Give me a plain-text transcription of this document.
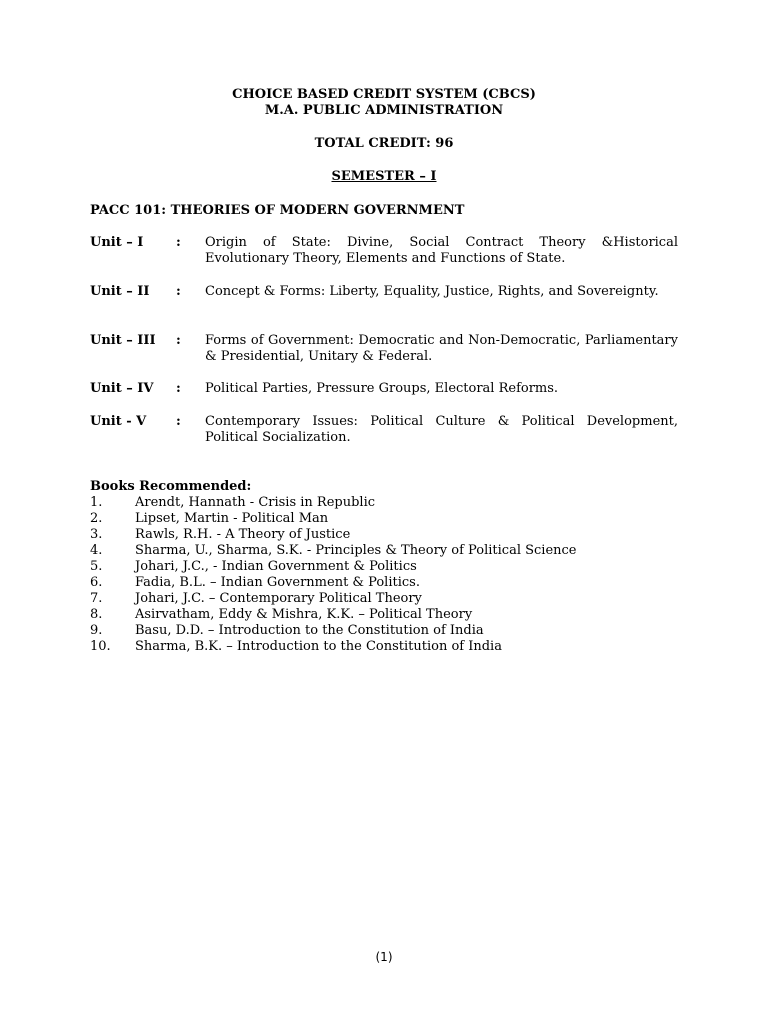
CHOICE BASED CREDIT SYSTEM (CBCS)
M.A. PUBLIC ADMINISTRATION
TOTAL CREDIT: 96
SEMESTER – I
PACC 101: THEORIES OF MODERN GOVERNMENT
Unit – I	: Origin of State: Divine, Social Contract Theory &Historical Evolutionary Theory, Elements and Functions of State.
Unit – II	: Concept & Forms: Liberty, Equality, Justice, Rights, and Sovereignty.
Unit – III	: Forms of Government: Democratic and Non-Democratic, Parliamentary & Presidential, Unitary & Federal.
Unit – IV	: Political Parties, Pressure Groups, Electoral Reforms.
Unit - V	: Contemporary Issues: Political Culture & Political Development, Political Socialization.
Books Recommended:
1.	Arendt, Hannath - Crisis in Republic
2.	Lipset, Martin - Political Man
3.	Rawls, R.H. - A Theory of Justice
4.	Sharma, U., Sharma, S.K. - Principles & Theory of Political Science
5.	Johari, J.C., - Indian Government & Politics
6.	Fadia, B.L. – Indian Government & Politics.
7.	Johari, J.C. – Contemporary Political Theory
8.	Asirvatham, Eddy & Mishra, K.K. – Political Theory
9.	Basu, D.D. – Introduction to the Constitution of India
10. Sharma, B.K. – Introduction to the Constitution of India
(1)
